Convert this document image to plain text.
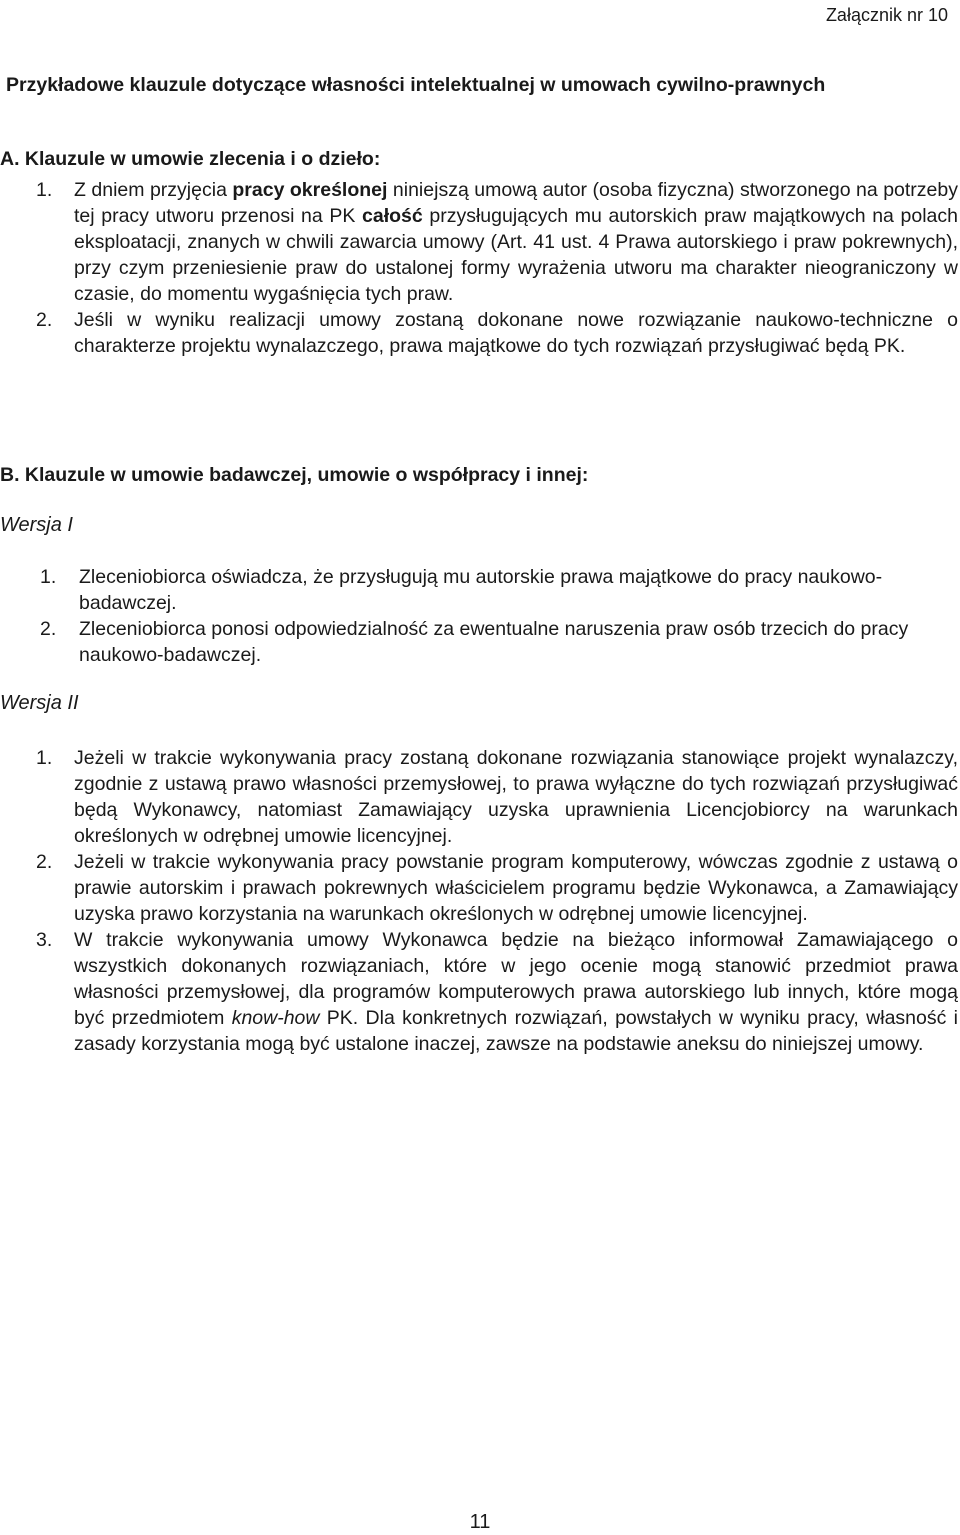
Załącznik nr 10
Przykładowe klauzule dotyczące własności intelektualnej w umowach cywilno-prawnych
A. Klauzule w umowie zlecenia i o dzieło:
1. Z dniem przyjęcia pracy określonej niniejszą umową autor (osoba fizyczna) stworzonego na potrzeby tej pracy utworu przenosi na PK całość przysługujących mu autorskich praw majątkowych na polach eksploatacji, znanych w chwili zawarcia umowy (Art. 41 ust. 4 Prawa autorskiego i praw pokrewnych), przy czym przeniesienie praw do ustalonej formy wyrażenia utworu ma charakter nieograniczony w czasie, do momentu wygaśnięcia tych praw.
2. Jeśli w wyniku realizacji umowy zostaną dokonane nowe rozwiązanie naukowo-techniczne o charakterze projektu wynalazczego, prawa majątkowe do tych rozwiązań przysługiwać będą PK.
B. Klauzule w umowie badawczej, umowie o współpracy i innej:
Wersja I
1. Zleceniobiorca oświadcza, że przysługują mu autorskie prawa majątkowe do pracy naukowo-badawczej.
2. Zleceniobiorca ponosi odpowiedzialność za ewentualne naruszenia praw osób trzecich do pracy naukowo-badawczej.
Wersja II
1. Jeżeli w trakcie wykonywania pracy zostaną dokonane rozwiązania stanowiące projekt wynalazczy, zgodnie z ustawą prawo własności przemysłowej, to prawa wyłączne do tych rozwiązań przysługiwać będą Wykonawcy, natomiast Zamawiający uzyska uprawnienia Licencjobiorcy na warunkach określonych w odrębnej umowie licencyjnej.
2. Jeżeli w trakcie wykonywania pracy powstanie program komputerowy, wówczas zgodnie z ustawą o prawie autorskim i prawach pokrewnych właścicielem programu będzie Wykonawca, a Zamawiający uzyska prawo korzystania na warunkach określonych w odrębnej umowie licencyjnej.
3. W trakcie wykonywania umowy Wykonawca będzie na bieżąco informował Zamawiającego o wszystkich dokonanych rozwiązaniach, które w jego ocenie mogą stanowić przedmiot prawa własności przemysłowej, dla programów komputerowych prawa autorskiego lub innych, które mogą być przedmiotem know-how PK. Dla konkretnych rozwiązań, powstałych w wyniku pracy, własność i zasady korzystania mogą być ustalone inaczej, zawsze na podstawie aneksu do niniejszej umowy.
11
